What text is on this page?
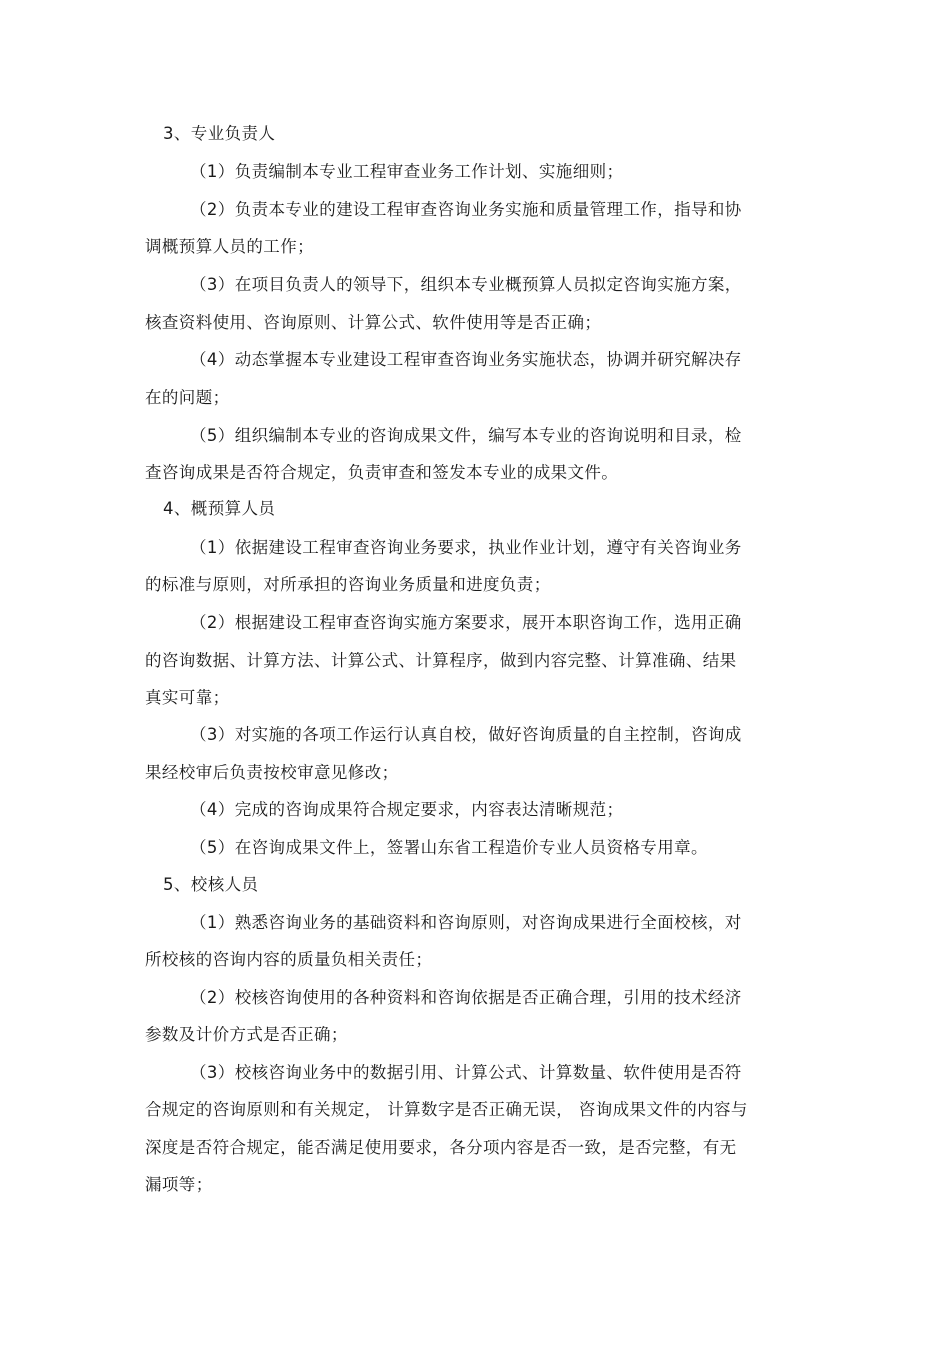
3、专业负责人
（1）负责编制本专业工程审查业务工作计划、实施细则；
（2）负责本专业的建设工程审查咨询业务实施和质量管理工作，指导和协
调概预算人员的工作；
（3）在项目负责人的领导下，组织本专业概预算人员拟定咨询实施方案，
核查资料使用、咨询原则、计算公式、软件使用等是否正确；
（4）动态掌握本专业建设工程审查咨询业务实施状态，协调并研究解决存
在的问题；
（5）组织编制本专业的咨询成果文件，编写本专业的咨询说明和目录，检
查咨询成果是否符合规定，负责审查和签发本专业的成果文件。
4、概预算人员
（1）依据建设工程审查咨询业务要求，执业作业计划，遵守有关咨询业务
的标准与原则，对所承担的咨询业务质量和进度负责；
（2）根据建设工程审查咨询实施方案要求，展开本职咨询工作，选用正确
的咨询数据、计算方法、计算公式、计算程序，做到内容完整、计算准确、结果
真实可靠；
（3）对实施的各项工作运行认真自校，做好咨询质量的自主控制，咨询成
果经校审后负责按校审意见修改；
（4）完成的咨询成果符合规定要求，内容表达清晰规范；
（5）在咨询成果文件上，签署山东省工程造价专业人员资格专用章。
5、校核人员
（1）熟悉咨询业务的基础资料和咨询原则，对咨询成果进行全面校核，对
所校核的咨询内容的质量负相关责任；
（2）校核咨询使用的各种资料和咨询依据是否正确合理，引用的技术经济
参数及计价方式是否正确；
（3）校核咨询业务中的数据引用、计算公式、计算数量、软件使用是否符
合规定的咨询原则和有关规定， 计算数字是否正确无误， 咨询成果文件的内容与
深度是否符合规定，能否满足使用要求，各分项内容是否一致，是否完整，有无
漏项等；
